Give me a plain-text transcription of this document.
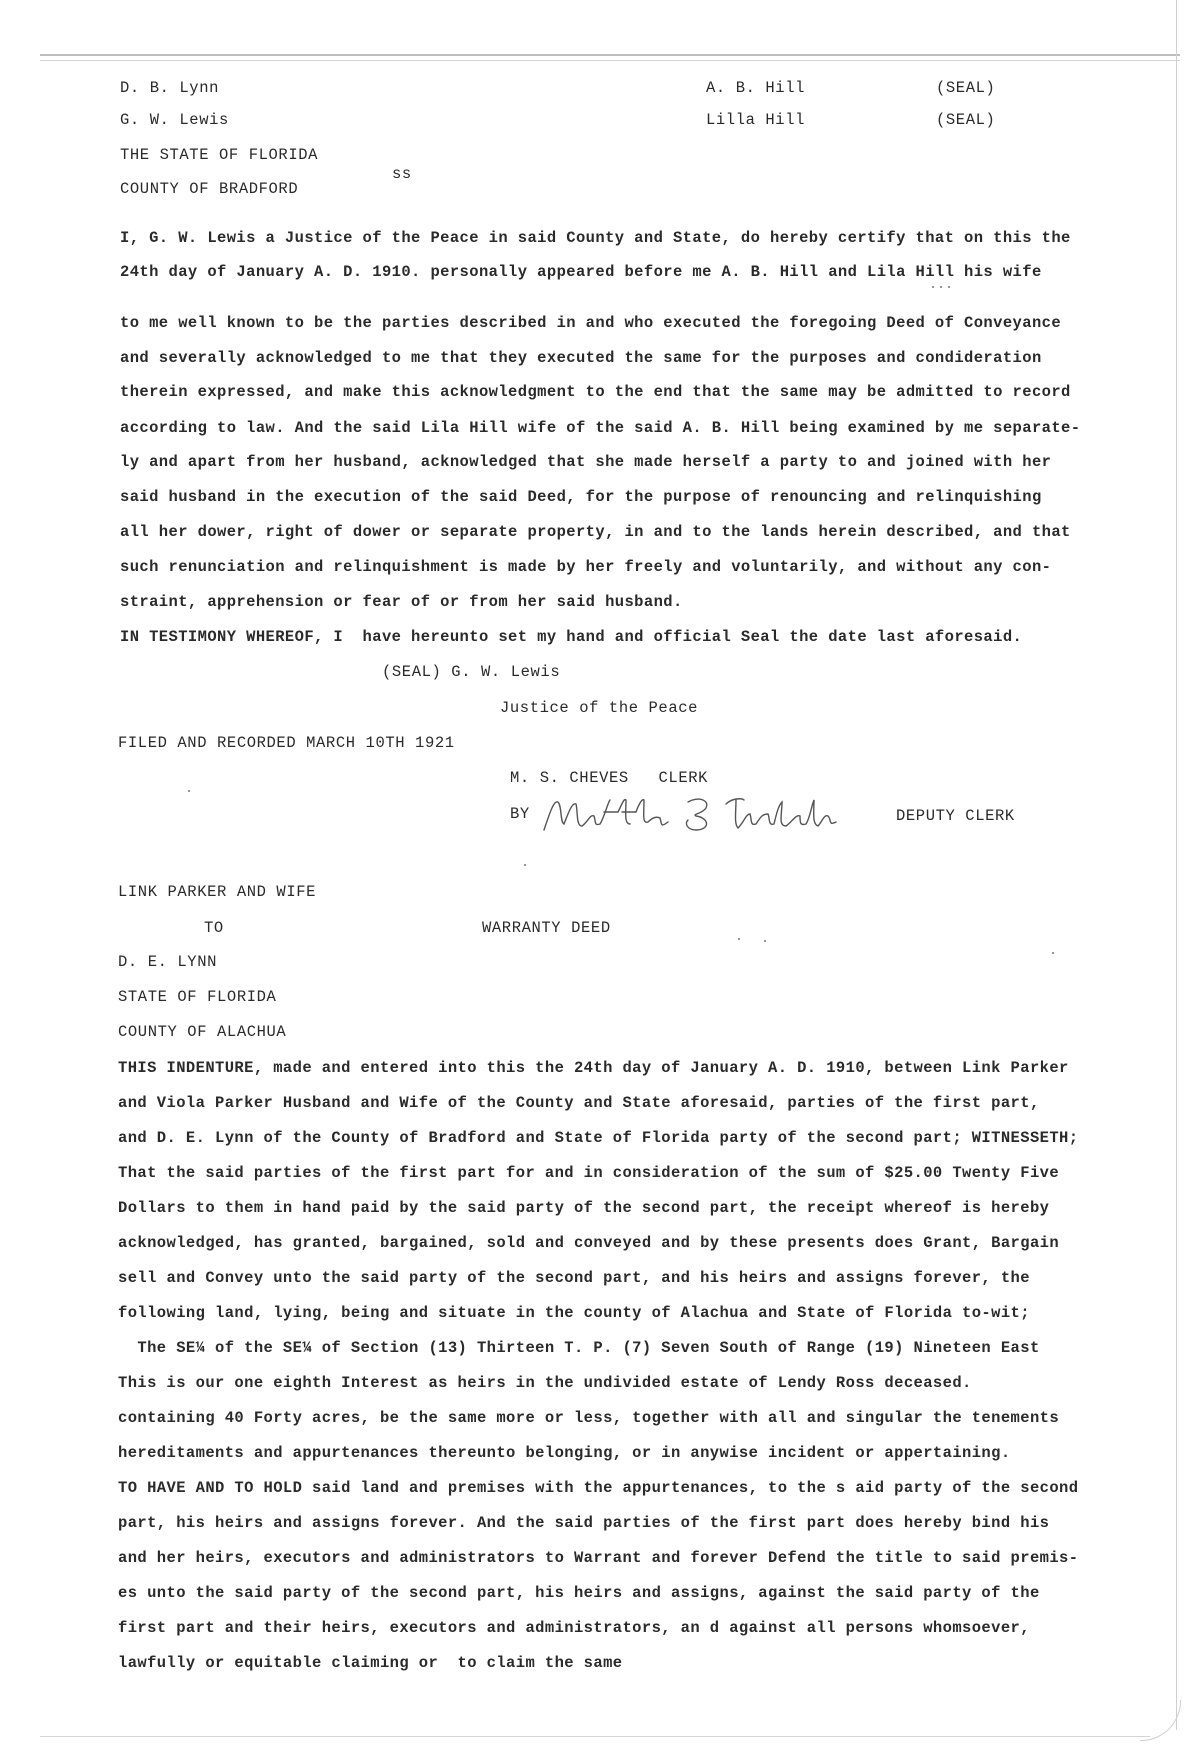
D. B. Lynn	A. B. Hill	(SEAL)
G. W. Lewis	Lilla Hill	(SEAL)
THE STATE OF FLORIDA
COUNTY OF BRADFORD
ss
I, G. W. Lewis a Justice of the Peace in said County and State, do hereby certify that on this the
24th day of January A. D. 1910. personally appeared before me A. B. Hill and Lila Hill his wife
to me well known to be the parties described in and who executed the foregoing Deed of Conveyance
and severally acknowledged to me that they executed the same for the purposes and condideration
therein expressed, and make this acknowledgment to the end that the same may be admitted to record
according to law. And the said Lila Hill wife of the said A. B. Hill being examined by me separate-
ly and apart from her husband, acknowledged that she made herself a party to and joined with her
said husband in the execution of the said Deed, for the purpose of renouncing and relinquishing
all her dower, right of dower or separate property, in and to the lands herein described, and that
such renunciation and relinquishment is made by her freely and voluntarily, and without any con-
straint, apprehension or fear of or from her said husband.
IN TESTIMONY WHEREOF, I  have hereunto set my hand and official Seal the date last aforesaid.
(SEAL) G. W. Lewis
Justice of the Peace
FILED AND RECORDED MARCH 10TH 1921
M. S. CHEVES   CLERK
BY	DEPUTY CLERK
LINK PARKER AND WIFE
TO	WARRANTY DEED
D. E. LYNN
STATE OF FLORIDA
COUNTY OF ALACHUA
THIS INDENTURE, made and entered into this the 24th day of January A. D. 1910, between Link Parker
and Viola Parker Husband and Wife of the County and State aforesaid, parties of the first part,
and D. E. Lynn of the County of Bradford and State of Florida party of the second part; WITNESSETH;
That the said parties of the first part for and in consideration of the sum of $25.00 Twenty Five
Dollars to them in hand paid by the said party of the second part, the receipt whereof is hereby
acknowledged, has granted, bargained, sold and conveyed and by these presents does Grant, Bargain
sell and Convey unto the said party of the second part, and his heirs and assigns forever, the
following land, lying, being and situate in the county of Alachua and State of Florida to-wit;
The SE¼ of the SE¼ of Section (13) Thirteen T. P. (7) Seven South of Range (19) Nineteen East
This is our one eighth Interest as heirs in the undivided estate of Lendy Ross deceased.
containing 40 Forty acres, be the same more or less, together with all and singular the tenements
hereditaments and appurtenances thereunto belonging, or in anywise incident or appertaining.
TO HAVE AND TO HOLD said land and premises with the appurtenances, to the s aid party of the second
part, his heirs and assigns forever. And the said parties of the first part does hereby bind his
and her heirs, executors and administrators to Warrant and forever Defend the title to said premis-
es unto the said party of the second part, his heirs and assigns, against the said party of the
first part and their heirs, executors and administrators, an d against all persons whomsoever,
lawfully or equitable claiming or  to claim the same
